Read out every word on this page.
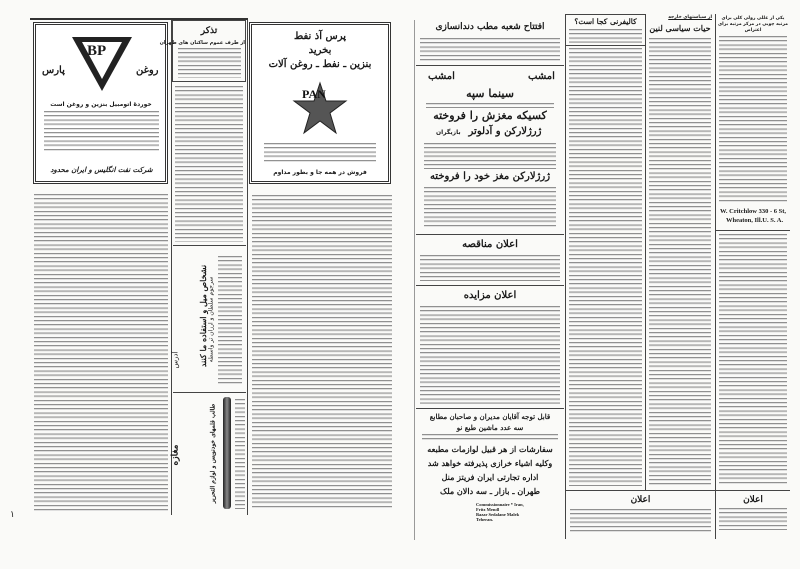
BP
پارس	روغن
خوردهٔ اتومبیل بنزین و روغن است
شرکت نفت انگلیس و ایران محدود
تذکر
از طرف عموم ساکنان های طهران
پرس آذ نفط
بخرید
بنزین ـ نفط ـ روغن آلات
PAN
فروش در همه جا و بطور مداوم
نشخاص میل و استفاده ما کنند سرجوم سلطان و ارزان تر واسطه
آدرس
طالب قلمهای خودنویس و لوازم التحریر
مغازه
۱
افتتاح شعبه مطب دندانسازی
امشب	امشب
سینما سپه
کسیکه مغزش را فروخته
بازیگران ژرژلارکن و آدلوتر
ژرژلارکن مغز خود را فروخته
اعلان مناقصه
اعلان مزایده
قابل توجه آقایان مدیران و صاحبان مطابع
سه عدد ماشین طبع نو
سفارشات از هر قبیل لوازمات مطبعه
وکلیه اشیاء خرازی پذیرفته خواهد شد
اداره تجارتی ایران فریتز منل
طهران ـ بازار ـ سه دالان ملک
Commissionnaire * Iran,
Fritz Mendl
Bazar Sedalane Malek
Teheran.
کالیفرنی کجا است؟	از سیاستهای خارجه
حیات سیاسی لنین
یکی از عللی رولی کلی برای مرتبه چوبی در مرکز مرتبه برای اعتراض
W. Critchlow 330 - 6 St,
Wheaton, Ill.U. S. A.
اعلان
اعلان
